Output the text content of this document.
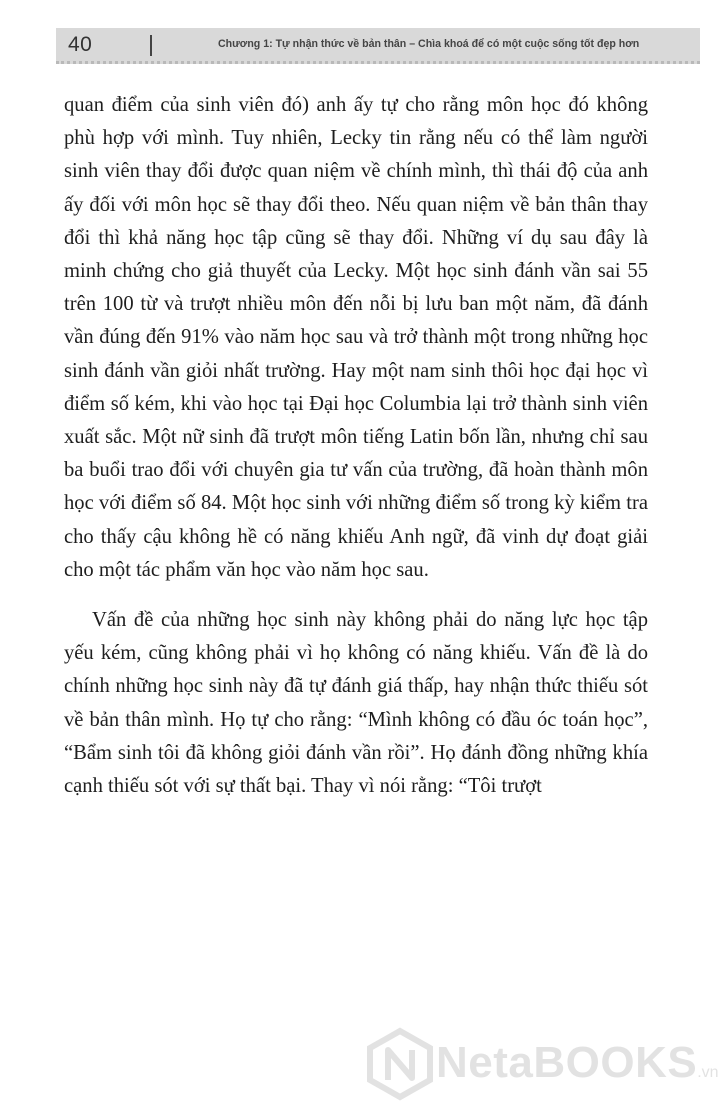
40	Chương 1: Tự nhận thức về bản thân – Chìa khoá để có một cuộc sống tốt đẹp hơn

quan điểm của sinh viên đó) anh ấy tự cho rằng môn học đó không phù hợp với mình. Tuy nhiên, Lecky tin rằng nếu có thể làm người sinh viên thay đổi được quan niệm về chính mình, thì thái độ của anh ấy đối với môn học sẽ thay đổi theo. Nếu quan niệm về bản thân thay đổi thì khả năng học tập cũng sẽ thay đổi. Những ví dụ sau đây là minh chứng cho giả thuyết của Lecky. Một học sinh đánh vần sai 55 trên 100 từ và trượt nhiều môn đến nỗi bị lưu ban một năm, đã đánh vần đúng đến 91% vào năm học sau và trở thành một trong những học sinh đánh vần giỏi nhất trường. Hay một nam sinh thôi học đại học vì điểm số kém, khi vào học tại Đại học Columbia lại trở thành sinh viên xuất sắc. Một nữ sinh đã trượt môn tiếng Latin bốn lần, nhưng chỉ sau ba buổi trao đổi với chuyên gia tư vấn của trường, đã hoàn thành môn học với điểm số 84. Một học sinh với những điểm số trong kỳ kiểm tra cho thấy cậu không hề có năng khiếu Anh ngữ, đã vinh dự đoạt giải cho một tác phẩm văn học vào năm học sau.

Vấn đề của những học sinh này không phải do năng lực học tập yếu kém, cũng không phải vì họ không có năng khiếu. Vấn đề là do chính những học sinh này đã tự đánh giá thấp, hay nhận thức thiếu sót về bản thân mình. Họ tự cho rằng: “Mình không có đầu óc toán học”, “Bẩm sinh tôi đã không giỏi đánh vần rồi”. Họ đánh đồng những khía cạnh thiếu sót với sự thất bại. Thay vì nói rằng: “Tôi trượt

NetaBOOKS.vn
